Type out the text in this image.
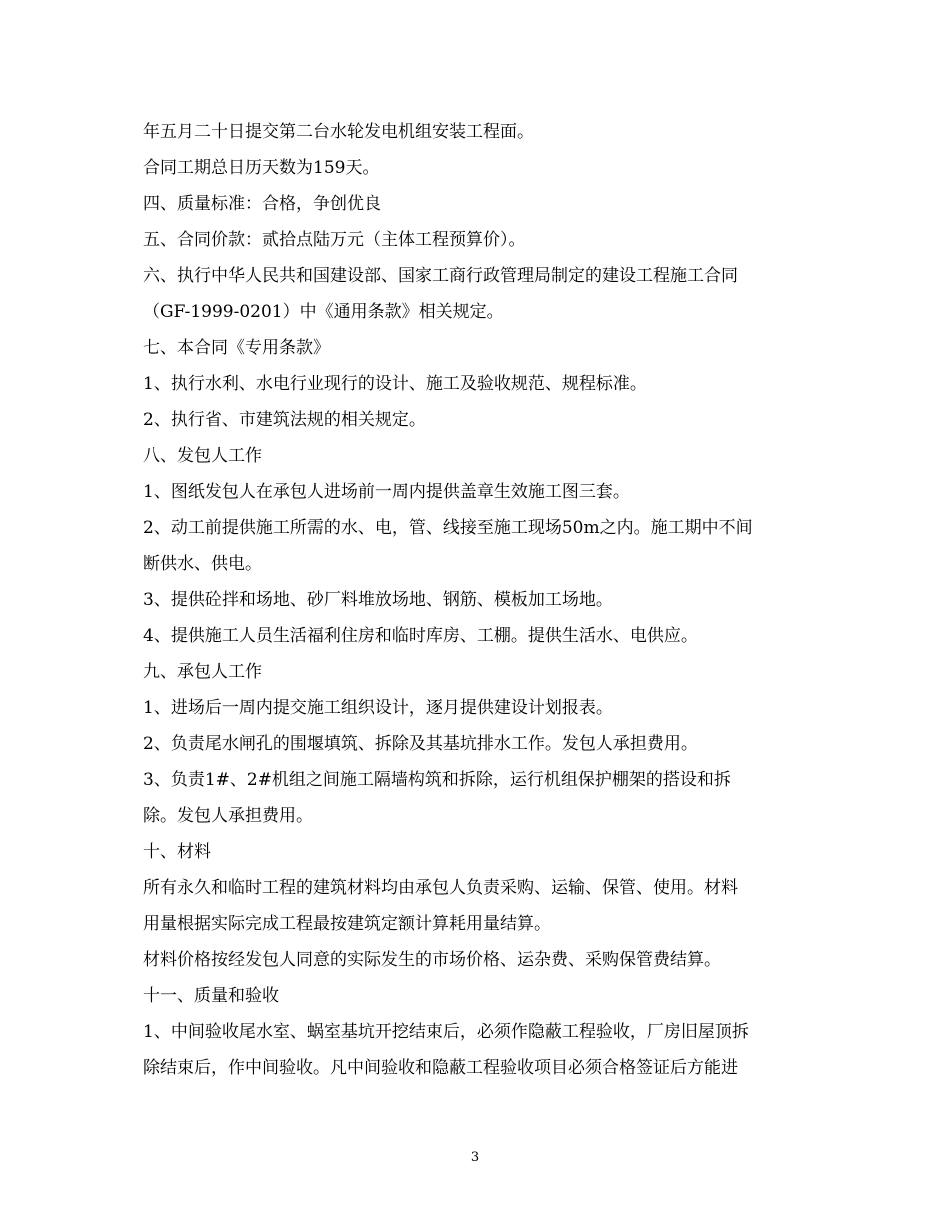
年五月二十日提交第二台水轮发电机组安装工程面。
合同工期总日历天数为159天。
四、质量标准：合格，争创优良
五、合同价款：贰拾点陆万元（主体工程预算价）。
六、执行中华人民共和国建设部、国家工商行政管理局制定的建设工程施工合同
（GF-1999-0201）中《通用条款》相关规定。
七、本合同《专用条款》
1、执行水利、水电行业现行的设计、施工及验收规范、规程标准。
2、执行省、市建筑法规的相关规定。
八、发包人工作
1、图纸发包人在承包人进场前一周内提供盖章生效施工图三套。
2、动工前提供施工所需的水、电，管、线接至施工现场50m之内。施工期中不间
断供水、供电。
3、提供砼拌和场地、砂厂料堆放场地、钢筋、模板加工场地。
4、提供施工人员生活福利住房和临时库房、工棚。提供生活水、电供应。
九、承包人工作
1、进场后一周内提交施工组织设计，逐月提供建设计划报表。
2、负责尾水闸孔的围堰填筑、拆除及其基坑排水工作。发包人承担费用。
3、负责1#、2#机组之间施工隔墙构筑和拆除，运行机组保护棚架的搭设和拆
除。发包人承担费用。
十、材料
所有永久和临时工程的建筑材料均由承包人负责采购、运输、保管、使用。材料
用量根据实际完成工程最按建筑定额计算耗用量结算。
材料价格按经发包人同意的实际发生的市场价格、运杂费、采购保管费结算。
十一、质量和验收
1、中间验收尾水室、蜗室基坑开挖结束后，必须作隐蔽工程验收，厂房旧屋顶拆
除结束后，作中间验收。凡中间验收和隐蔽工程验收项目必须合格签证后方能进
3
